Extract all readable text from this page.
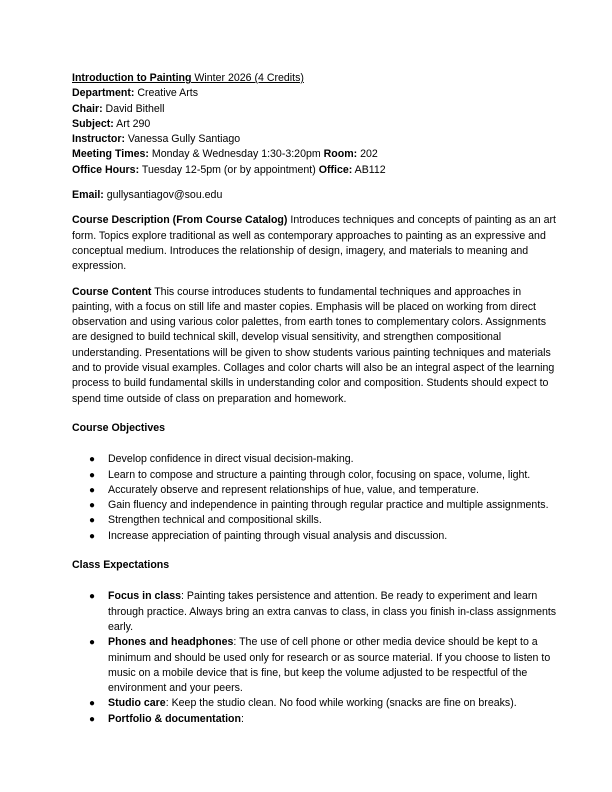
Introduction to Painting Winter 2026 (4 Credits)
Department: Creative Arts
Chair: David Bithell
Subject: Art 290
Instructor: Vanessa Gully Santiago
Meeting Times: Monday & Wednesday 1:30-3:20pm Room: 202
Office Hours: Tuesday 12-5pm (or by appointment) Office: AB112
Email: gullysantiagov@sou.edu

Course Description (From Course Catalog) Introduces techniques and concepts of painting as an art form. Topics explore traditional as well as contemporary approaches to painting as an expressive and conceptual medium. Introduces the relationship of design, imagery, and materials to meaning and expression.

Course Content This course introduces students to fundamental techniques and approaches in painting, with a focus on still life and master copies. Emphasis will be placed on working from direct observation and using various color palettes, from earth tones to complementary colors. Assignments are designed to build technical skill, develop visual sensitivity, and strengthen compositional understanding. Presentations will be given to show students various painting techniques and materials and to provide visual examples. Collages and color charts will also be an integral aspect of the learning process to build fundamental skills in understanding color and composition. Students should expect to spend time outside of class on preparation and homework.

Course Objectives
● Develop confidence in direct visual decision-making.
● Learn to compose and structure a painting through color, focusing on space, volume, light.
● Accurately observe and represent relationships of hue, value, and temperature.
● Gain fluency and independence in painting through regular practice and multiple assignments.
● Strengthen technical and compositional skills.
● Increase appreciation of painting through visual analysis and discussion.
Class Expectations
● Focus in class: Painting takes persistence and attention. Be ready to experiment and learn through practice. Always bring an extra canvas to class, in class you finish in-class assignments early.
● Phones and headphones: The use of cell phone or other media device should be kept to a minimum and should be used only for research or as source material. If you choose to listen to music on a mobile device that is fine, but keep the volume adjusted to be respectful of the environment and your peers.
● Studio care: Keep the studio clean. No food while working (snacks are fine on breaks).
● Portfolio & documentation:
